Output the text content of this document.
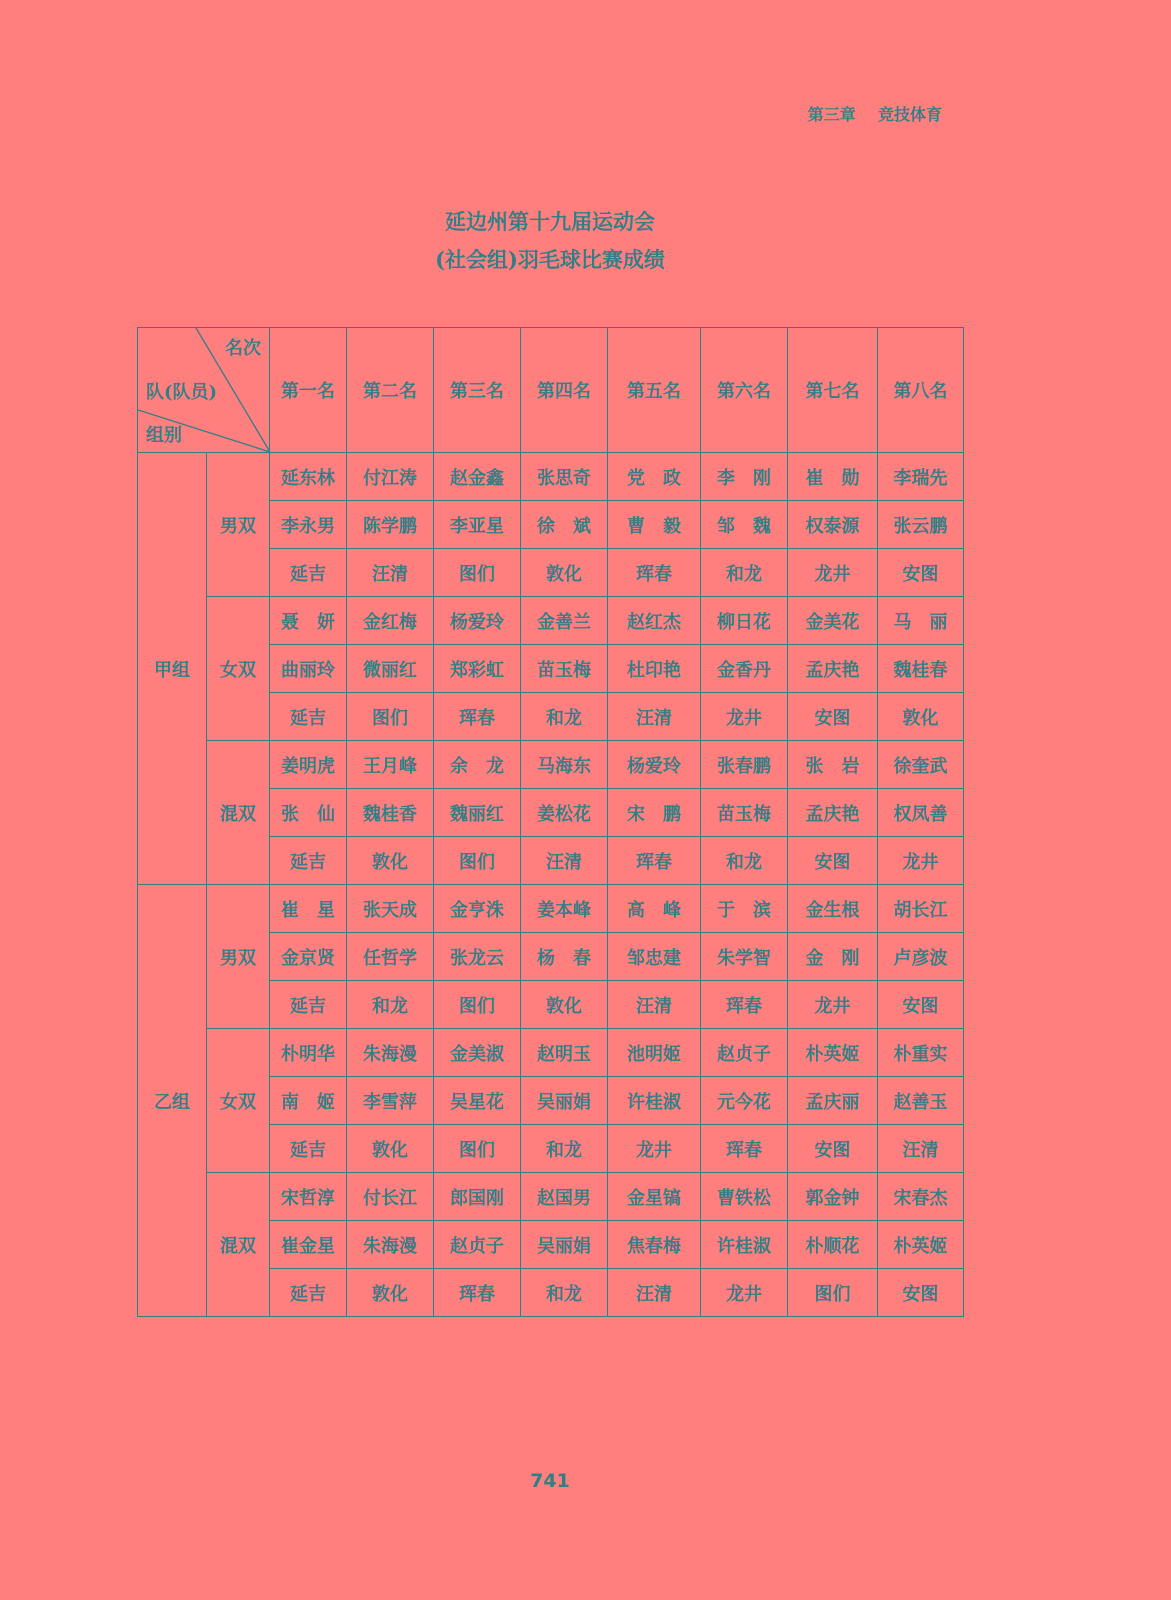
第三章 竞技体育
延边州第十九届运动会
(社会组)羽毛球比赛成绩
名次
队(队员)
组别		第一名	第二名	第三名	第四名	第五名	第六名	第七名	第八名
甲组	男双	延东林	付江涛	赵金鑫	张思奇	党　政	李　刚	崔　勋	李瑞先
		李永男	陈学鹏	李亚星	徐　斌	曹　毅	邹　魏	权泰源	张云鹏
		延吉	汪清	图们	敦化	珲春	和龙	龙井	安图
	女双	聂　妍	金红梅	杨爱玲	金善兰	赵红杰	柳日花	金美花	马　丽
		曲丽玲	微丽红	郑彩虹	苗玉梅	杜印艳	金香丹	孟庆艳	魏桂春
		延吉	图们	珲春	和龙	汪清	龙井	安图	敦化
	混双	姜明虎	王月峰	余　龙	马海东	杨爱玲	张春鹏	张　岩	徐奎武
		张　仙	魏桂香	魏丽红	姜松花	宋　鹏	苗玉梅	孟庆艳	权凤善
		延吉	敦化	图们	汪清	珲春	和龙	安图	龙井
乙组	男双	崔　星	张天成	金亨洙	姜本峰	高　峰	于　滨	金生根	胡长江
		金京贤	任哲学	张龙云	杨　春	邹忠建	朱学智	金　刚	卢彦波
		延吉	和龙	图们	敦化	汪清	珲春	龙井	安图
	女双	朴明华	朱海漫	金美淑	赵明玉	池明姬	赵贞子	朴英姬	朴重实
		南　姬	李雪萍	吴星花	吴丽娟	许桂淑	元今花	孟庆丽	赵善玉
		延吉	敦化	图们	和龙	龙井	珲春	安图	汪清
	混双	宋哲淳	付长江	郎国刚	赵国男	金星镐	曹铁松	郭金钟	宋春杰
		崔金星	朱海漫	赵贞子	吴丽娟	焦春梅	许桂淑	朴顺花	朴英姬
		延吉	敦化	珲春	和龙	汪清	龙井	图们	安图
741
